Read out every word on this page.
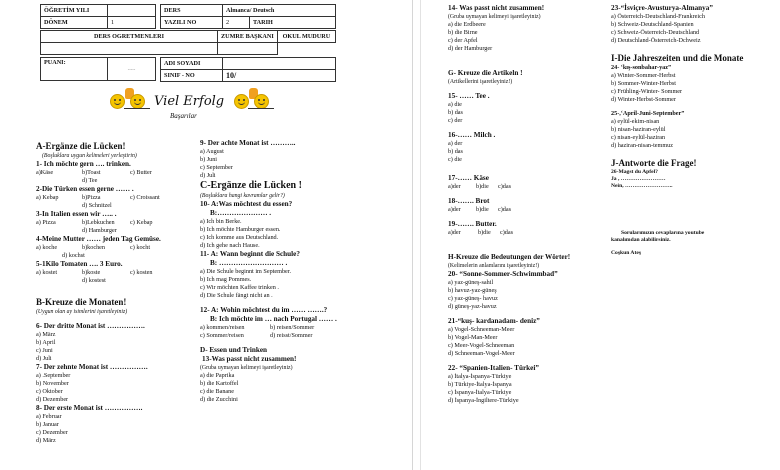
ÖĞRETİM YILI	
DÖNEM	1
DERS	Almanca/ Deutsch	
YAZILI NO	2	TARIH
DERS OGRETMENLERI	ZUMRE BAŞKANI	OKUL MUDURU

PUANI:	..........
ADI SOYADI	
SINIF - NO	10/
Viel Erfolg
Başarılar
A-Ergänze die Lücken!
(Boşluklara uygun kelimeleri yerleştirin)
1- Ich möchte gern …. trinken.
a)Käse	b)Toast	c) Butter
d) Tee
2-Die Türken essen gerne …… .
a) Kebap	b)Pizza	c) Croissant
d) Schnitzel
3-In Italien essen wir ….. .
a) Pizza	b)Lebkuchen	c) Kebap
d) Hamburger
4-Meine Mutter …… jeden Tag Gemüse.
a) koche	b)kochen	c) kocht
d) kochst
5-1Kilo Tomaten …. 3 Euro.
a) kostet	b)koste	c) kosten
d) kostest
B-Kreuze die Monaten!
(Uygun olan ay isimlerini işaretleyiniz)
6- Der dritte Monat ist …………….
a) März
b) April
c) Juni
d) Juli
7- Der zehnte Monat ist …………….
a) .September
b) November
c) Oktober
d) Dezember
8- Der erste Monat ist …………….
a) Februar
b) Januar
c) Dezember
d) März
9- Der achte Monat ist ………..
a) August
b) Juni
c) September
d) Juli
C-Ergänze die Lücken !
(Boşluklara hangi kavramlar gelir?)
10- A:Was möchtest du essen?
B:………………… .
a) Ich bin Berke.
b) Ich möchte Hamburger essen.
c) Ich komme aus Deutschland.
d) Ich gehe nach Hause.
11- A: Wann beginnt die Schule?
B: ……………………… .
a) Die Schule beginnt im September.
b) Ich mag Pommes.
c) Wir möchten Kaffee trinken .
d) Die Schule fängt nicht an .
12- A: Wohin möchtest du im …… …….?
B: Ich möchte im … nach Portugal …… .
a) kommen/reisen	b) reisen/Sommer
c) Sommer/reisen	d) reisst/Sommer
D- Essen und Trinken
13-Was passt nicht zusammen!
(Gruba uymayan kelimeyi işaretleyiniz)
a) die Paprika
b) die Kartoffel
c) die Banane
d) die Zucchini
14- Was passt nicht zusammen!
(Gruba uymayan kelimeyi işaretleyiniz)
a) die Erdbeere
b) die Birne
c) der Apfel
d) der Hamburger
G- Kreuze die Artikeln !
(Artikellerini işaretleyiniz!)
15- …… Tee .
a) die
b) das
c) der
16-…… Milch .
a) der
b) das
c) die
17-…… Käse
a)der	b)die	c)das
18-……. Brot
a)der	b)die	c)das
19-……. Butter.
a)der	b)die	c)das
H-Kreuze die Bedeutungen der Wörter!
(Kelimelerin anlamlarını işaretleyiniz!)
20- “Sonne-Sommer-Schwimmbad”
a) yaz-güneş-sahil
b) havuz-yaz-güneş
c) yaz-güneş- havuz
d) güneş-yaz-havuz
21-“kuş- kardanadam- deniz”
a) Vogel-Schneeman-Meer
b) Vogel-Man-Meer
c) Meer-Vogel-Schneeman
d) Schneeman-Vogel-Meer
22- “Spanien-Italien- Türkei”
a) İtalya-İspanya-Türkiye
b) Türkiye-İtalya-İspanya
c) İspanya-İtalya-Türkiye
d) İspanya-İngiltere-Türkiye
23-“İsviçre-Avusturya-Almanya”
a) Österreich-Deutschland-Frankreich
b) Schweiz-Deutschland-Spanien
c) Schweiz-Österreich-Deutschland
d) Deutschland-Österreich-Dchweiz
I-Die Jahreszeiten und die Monate
24- ‘kış-sonbahar-yaz”
a) Winter-Sommer-Herbst
b) Sommer-Winter-Herbst
c) Frühling-Winter- Sommer
d) Winter-Herbst-Sommer
25-,‘April-Juni-September”
a) eylül-ekim-nisan
b) nisan-haziran-eylül
c) nisan-eylül-haziran
d) haziran-nisan-temmuz
J-Antworte die Frage!
26-Magst du Apfel?
Ja , ……………………
Nein, ……………………..
Sorularımızın cevaplarına youtube kanalımdan alabilirsiniz.
Coşkun Ateş
